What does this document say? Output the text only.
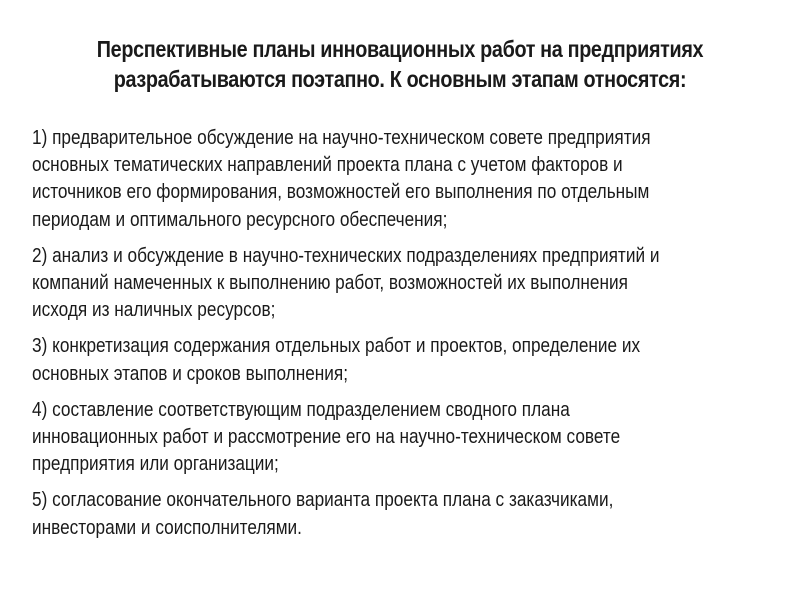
Перспективные планы инновационных работ на предприятиях
разрабатываются поэтапно. К основным этапам относятся:
1) предварительное обсуждение на научно-техническом совете предприятия
основных тематических направлений проекта плана с учетом факторов и
источников его формирования, возможностей его выполнения по отдельным
периодам и оптимального ресурсного обеспечения;
2) анализ и обсуждение в научно-технических подразделениях предприятий и
компаний намеченных к выполнению работ, возможностей их выполнения
исходя из наличных ресурсов;
3) конкретизация содержания отдельных работ и проектов, определение их
основных этапов и сроков выполнения;
4) составление соответствующим подразделением сводного плана
инновационных работ и рассмотрение его на научно-техническом совете
предприятия или организации;
5) согласование окончательного варианта проекта плана с заказчиками,
инвесторами и соисполнителями.
